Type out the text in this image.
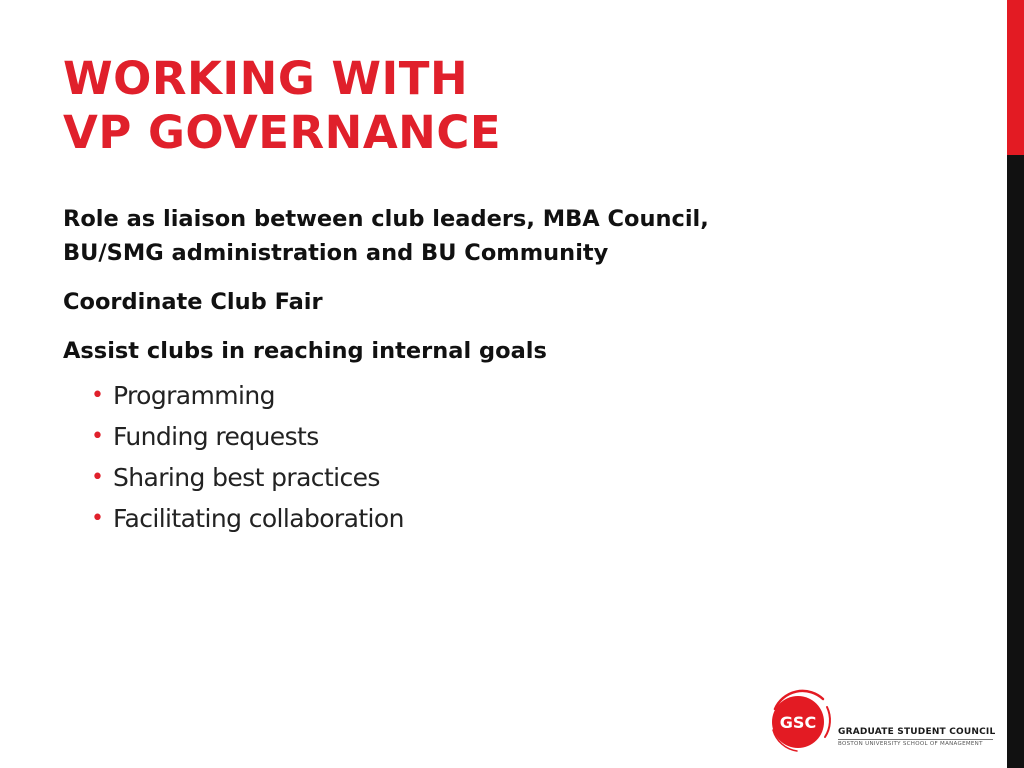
WORKING WITH
VP GOVERNANCE
Role as liaison between club leaders, MBA Council,
BU/SMG administration and BU Community
Coordinate Club Fair
Assist clubs in reaching internal goals
• Programming
• Funding requests
• Sharing best practices
• Facilitating collaboration
GSC GRADUATE STUDENT COUNCIL
BOSTON UNIVERSITY SCHOOL OF MANAGEMENT
